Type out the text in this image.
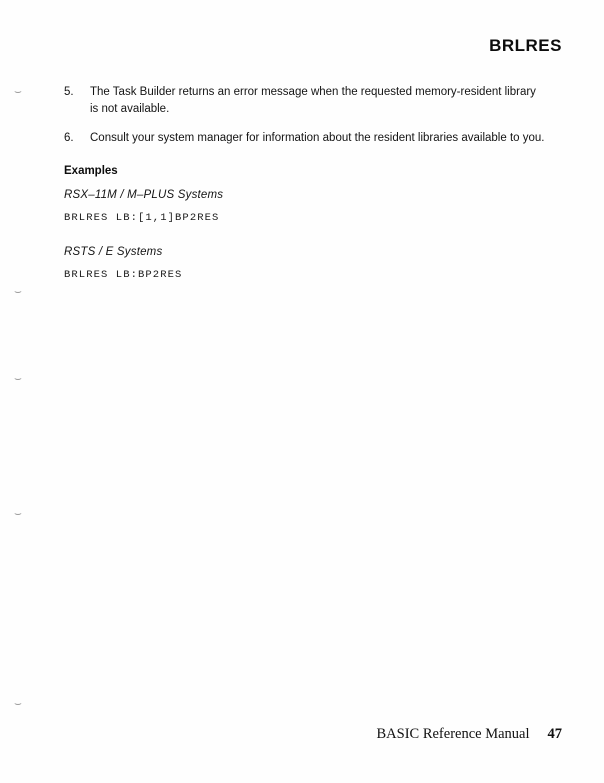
BRLRES
⌣
⌣
⌣
⌣
⌣
5.	The Task Builder returns an error message when the requested memory-resident library is not available.
6.	Consult your system manager for information about the resident libraries available to you.
Examples
RSX–11M / M–PLUS Systems
BRLRES LB:[1,1]BP2RES
RSTS / E Systems
BRLRES LB:BP2RES
BASIC Reference Manual 47
